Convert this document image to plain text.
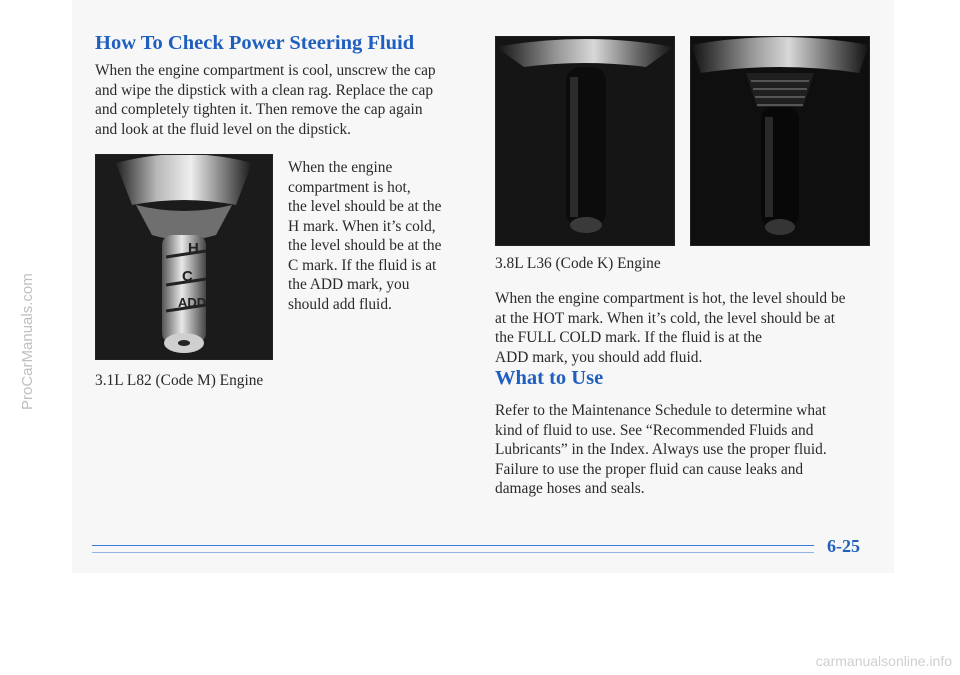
How To Check Power Steering Fluid

When the engine compartment is cool, unscrew the cap
and wipe the dipstick with a clean rag. Replace the cap
and completely tighten it. Then remove the cap again
and look at the fluid level on the dipstick.

H
C
ADD

When the engine
compartment is hot,
the level should be at the
H mark. When it’s cold,
the level should be at the
C mark. If the fluid is at
the ADD mark, you
should add fluid.

3.1L L82 (Code M) Engine

3.8L L36 (Code K) Engine

When the engine compartment is hot, the level should be
at the HOT mark. When it’s cold, the level should be at
the FULL COLD mark. If the fluid is at the
ADD mark, you should add fluid.

What to Use

Refer to the Maintenance Schedule to determine what
kind of fluid to use. See “Recommended Fluids and
Lubricants” in the Index. Always use the proper fluid.
Failure to use the proper fluid can cause leaks and
damage hoses and seals.

6-25
ProCarManuals.com
carmanualsonline.info
